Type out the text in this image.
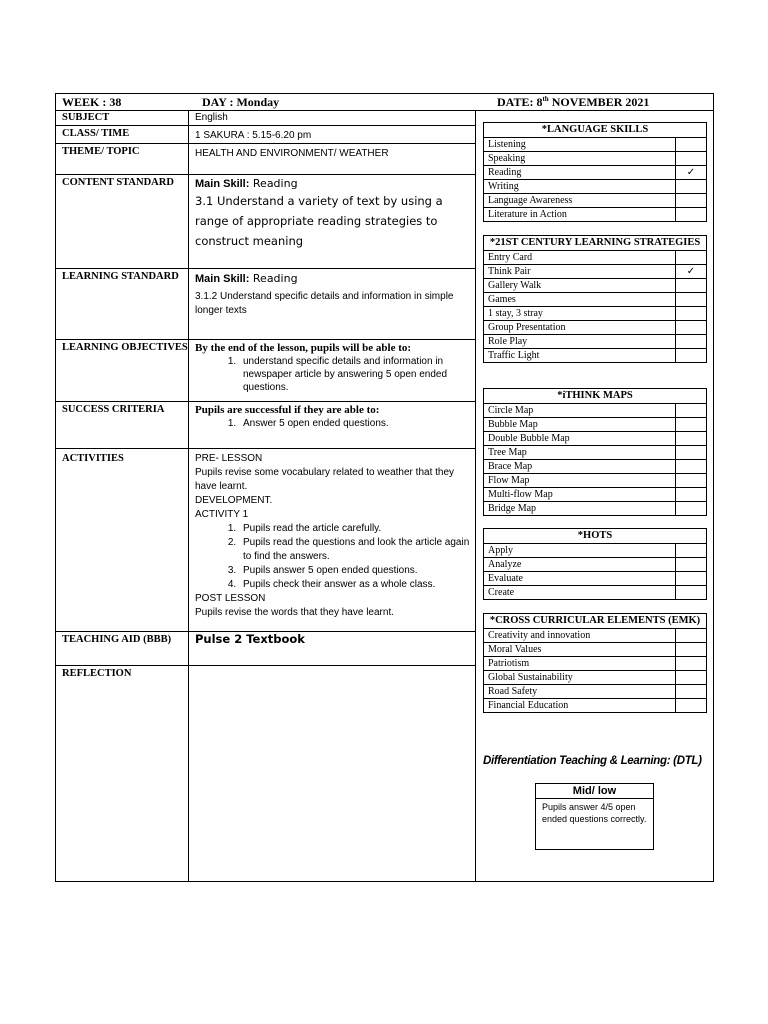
WEEK : 38	DAY : Monday	DATE: 8th NOVEMBER 2021
SUBJECT	English
CLASS/ TIME	1 SAKURA : 5.15-6.20 pm
THEME/ TOPIC	HEALTH AND ENVIRONMENT/ WEATHER
CONTENT STANDARD	Main Skill: Reading
3.1 Understand a variety of text by using a range of appropriate reading strategies to construct meaning
LEARNING STANDARD	Main Skill: Reading
3.1.2 Understand specific details and information in simple longer texts
LEARNING OBJECTIVES By the end of the lesson, pupils will be able to:
1. understand specific details and information in newspaper article by answering 5 open ended questions.
SUCCESS CRITERIA	Pupils are successful if they are able to:
1. Answer 5 open ended questions.
ACTIVITIES	PRE- LESSON
Pupils revise some vocabulary related to weather that they have learnt.
DEVELOPMENT.
ACTIVITY 1
1. Pupils read the article carefully.
2. Pupils read the questions and look the article again to find the answers.
3. Pupils answer 5 open ended questions.
4. Pupils check their answer as a whole class.
POST LESSON
Pupils revise the words that they have learnt.
TEACHING AID (BBB)	Pulse 2 Textbook
REFLECTION
*LANGUAGE SKILLS
Listening
Speaking
Reading	✓
Writing
Language Awareness
Literature in Action
*21ST CENTURY LEARNING STRATEGIES
Entry Card
Think Pair	✓
Gallery Walk
Games
1 stay, 3 stray
Group Presentation
Role Play
Traffic Light
*iTHINK MAPS
Circle Map
Bubble Map
Double Bubble Map
Tree Map
Brace Map
Flow Map
Multi-flow Map
Bridge Map
*HOTS
Apply
Analyze
Evaluate
Create
*CROSS CURRICULAR ELEMENTS (EMK)
Creativity and innovation
Moral Values
Patriotism
Global Sustainability
Road Safety
Financial Education
Differentiation Teaching & Learning: (DTL)
Mid/ low
Pupils answer 4/5 open ended questions correctly.
